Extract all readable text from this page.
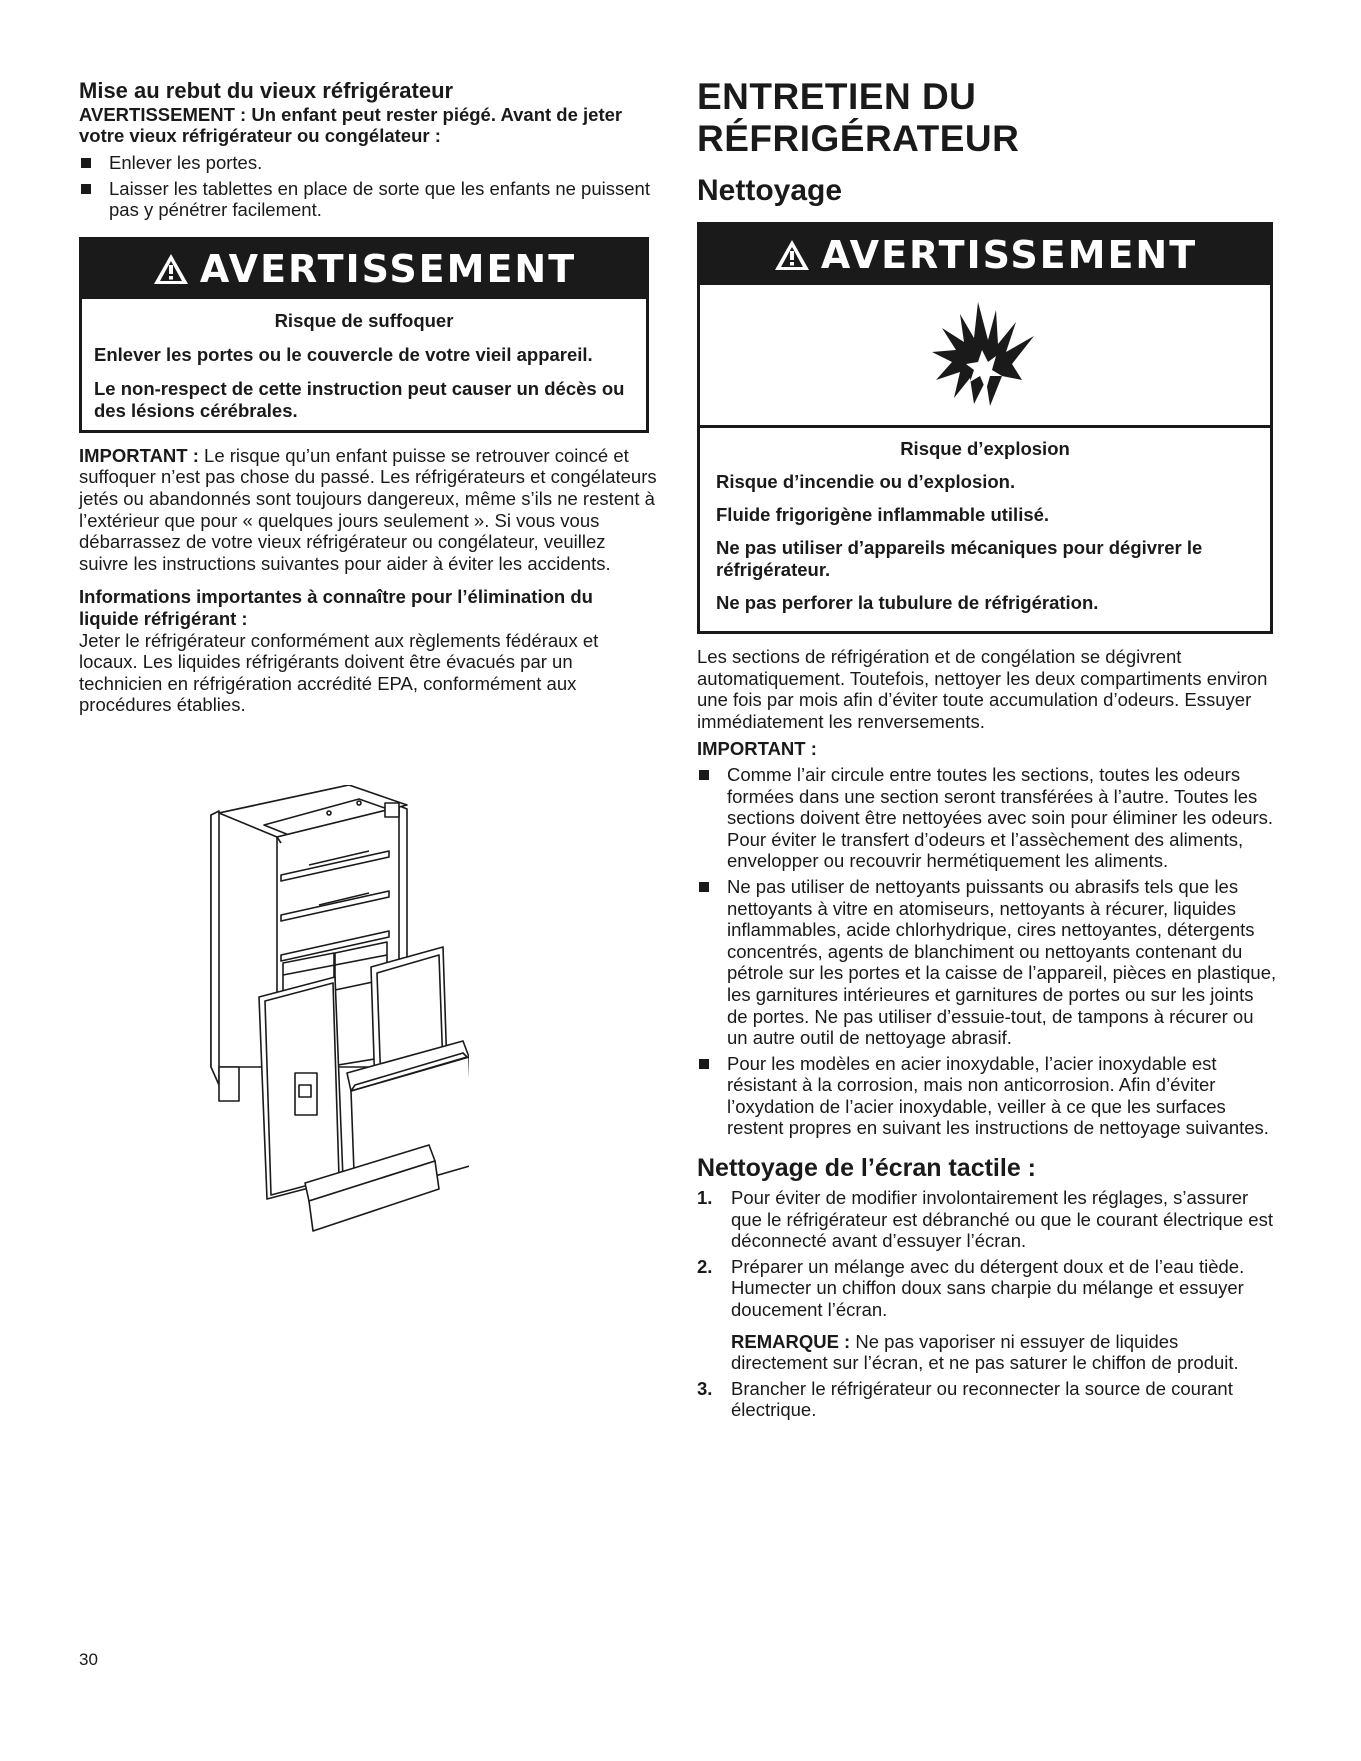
Mise au rebut du vieux réfrigérateur

AVERTISSEMENT : Un enfant peut rester piégé. Avant de jeter votre vieux réfrigérateur ou congélateur :

Enlever les portes.
Laisser les tablettes en place de sorte que les enfants ne puissent pas y pénétrer facilement.
AVERTISSEMENT

Risque de suffoquer

Enlever les portes ou le couvercle de votre vieil appareil.

Le non-respect de cette instruction peut causer un décès ou des lésions cérébrales.

IMPORTANT : Le risque qu’un enfant puisse se retrouver coincé et suffoquer n’est pas chose du passé. Les réfrigérateurs et congélateurs jetés ou abandonnés sont toujours dangereux, même s’ils ne restent à l’extérieur que pour « quelques jours seulement ». Si vous vous débarrassez de votre vieux réfrigérateur ou congélateur, veuillez suivre les instructions suivantes pour aider à éviter les accidents.

Informations importantes à connaître pour l’élimination du liquide réfrigérant :

Jeter le réfrigérateur conformément aux règlements fédéraux et locaux. Les liquides réfrigérants doivent être évacués par un technicien en réfrigération accrédité EPA, conformément aux procédures établies.

ENTRETIEN DU RÉFRIGÉRATEUR
Nettoyage
AVERTISSEMENT

Risque d’explosion

Risque d’incendie ou d’explosion.

Fluide frigorigène inflammable utilisé.

Ne pas utiliser d’appareils mécaniques pour dégivrer le réfrigérateur.

Ne pas perforer la tubulure de réfrigération.

Les sections de réfrigération et de congélation se dégivrent automatiquement. Toutefois, nettoyer les deux compartiments environ une fois par mois afin d’éviter toute accumulation d’odeurs. Essuyer immédiatement les renversements.

IMPORTANT :

Comme l’air circule entre toutes les sections, toutes les odeurs formées dans une section seront transférées à l’autre. Toutes les sections doivent être nettoyées avec soin pour éliminer les odeurs. Pour éviter le transfert d’odeurs et l’assèchement des aliments, envelopper ou recouvrir hermétiquement les aliments.
Ne pas utiliser de nettoyants puissants ou abrasifs tels que les nettoyants à vitre en atomiseurs, nettoyants à récurer, liquides inflammables, acide chlorhydrique, cires nettoyantes, détergents concentrés, agents de blanchiment ou nettoyants contenant du pétrole sur les portes et la caisse de l’appareil, pièces en plastique, les garnitures intérieures et garnitures de portes ou sur les joints de portes. Ne pas utiliser d’essuie-tout, de tampons à récurer ou un autre outil de nettoyage abrasif.
Pour les modèles en acier inoxydable, l’acier inoxydable est résistant à la corrosion, mais non anticorrosion. Afin d’éviter l’oxydation de l’acier inoxydable, veiller à ce que les surfaces restent propres en suivant les instructions de nettoyage suivantes.
Nettoyage de l’écran tactile :
1. Pour éviter de modifier involontairement les réglages, s’assurer que le réfrigérateur est débranché ou que le courant électrique est déconnecté avant d’essuyer l’écran.
2. Préparer un mélange avec du détergent doux et de l’eau tiède. Humecter un chiffon doux sans charpie du mélange et essuyer doucement l’écran.

REMARQUE : Ne pas vaporiser ni essuyer de liquides directement sur l’écran, et ne pas saturer le chiffon de produit.

3. Brancher le réfrigérateur ou reconnecter la source de courant électrique.
30
